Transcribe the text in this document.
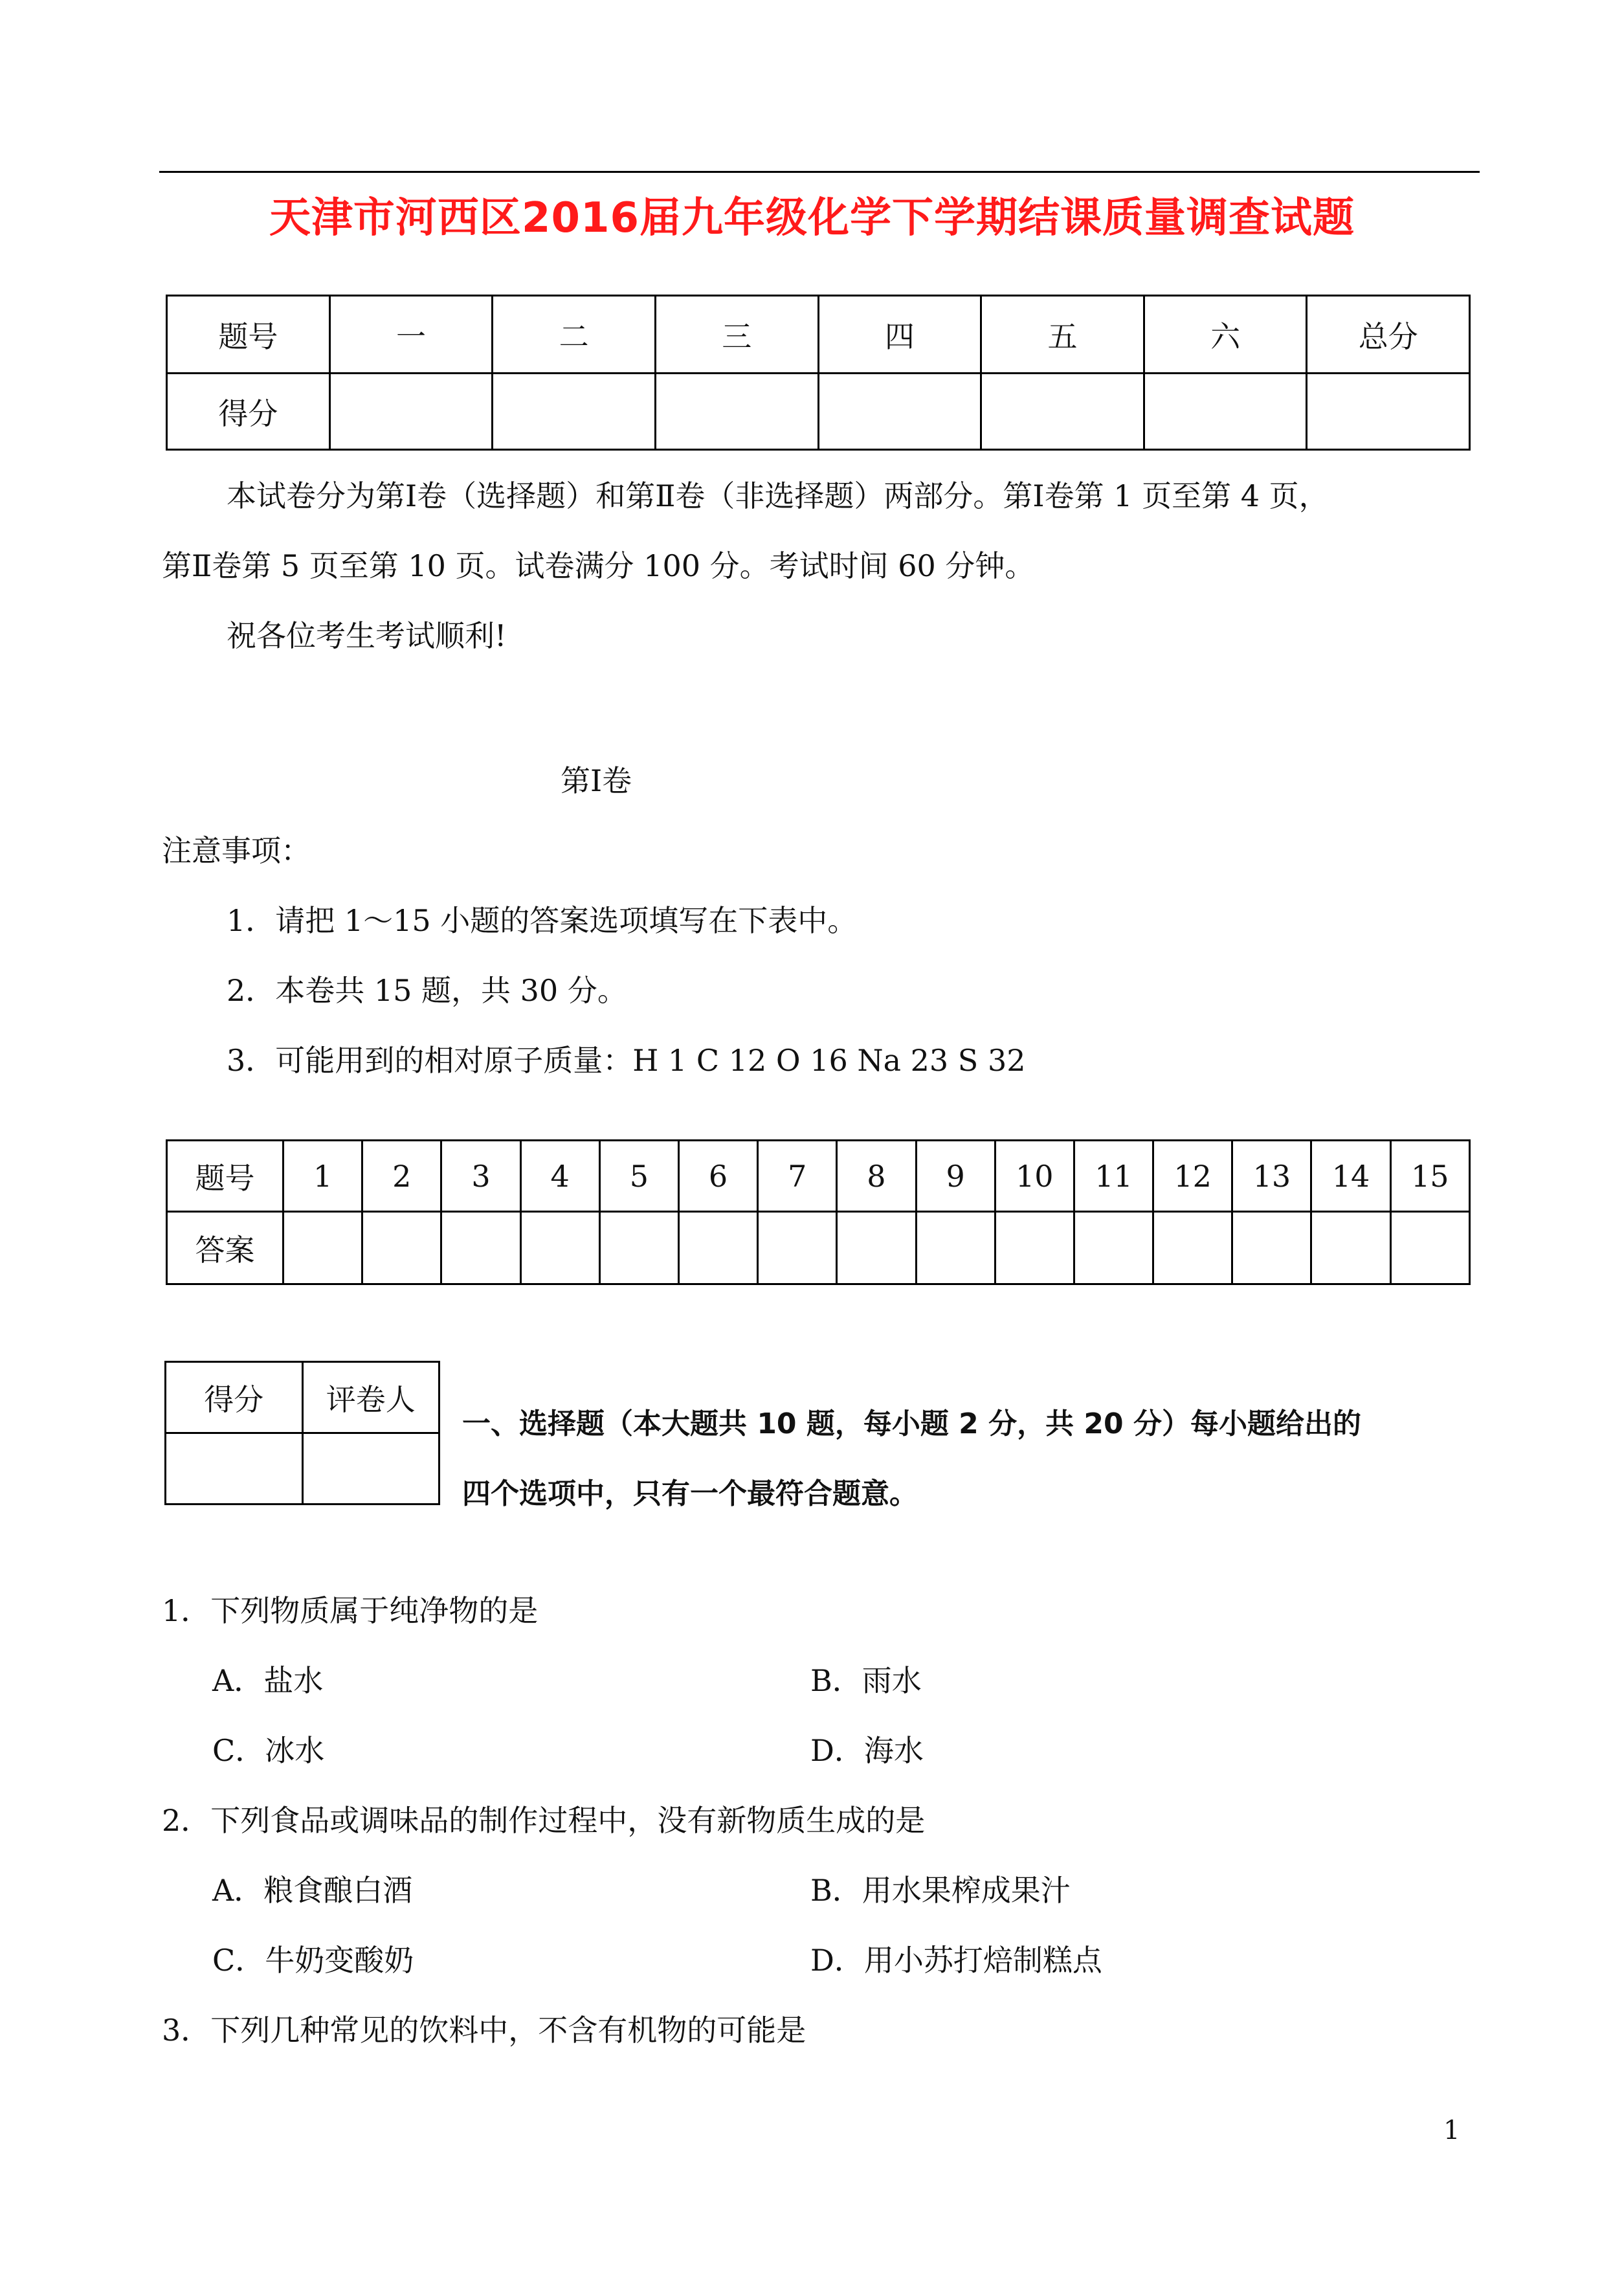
天津市河西区2016届九年级化学下学期结课质量调查试题
题号	一	二	三	四	五	六	总分
得分							
本试卷分为第Ⅰ卷（选择题）和第Ⅱ卷（非选择题）两部分。第Ⅰ卷第 1 页至第 4 页，
第Ⅱ卷第 5 页至第 10 页。试卷满分 100 分。考试时间 60 分钟。
祝各位考生考试顺利!
第Ⅰ卷
注意事项：
1．请把 1～15 小题的答案选项填写在下表中。
2．本卷共 15 题，共 30 分。
3．可能用到的相对原子质量：H 1 C 12 O 16 Na 23 S 32
题号	1	2	3	4	5	6	7	8	9	10	11	12	13	14	15
答案															
得分	评卷人

一、选择题（本大题共 10 题，每小题 2 分，共 20 分）每小题给出的
四个选项中，只有一个最符合题意。
1．下列物质属于纯净物的是
A．盐水	B．雨水
C．冰水	D．海水
2．下列食品或调味品的制作过程中，没有新物质生成的是
A．粮食酿白酒	B．用水果榨成果汁
C．牛奶变酸奶	D．用小苏打焙制糕点
3．下列几种常见的饮料中，不含有机物的可能是
1
